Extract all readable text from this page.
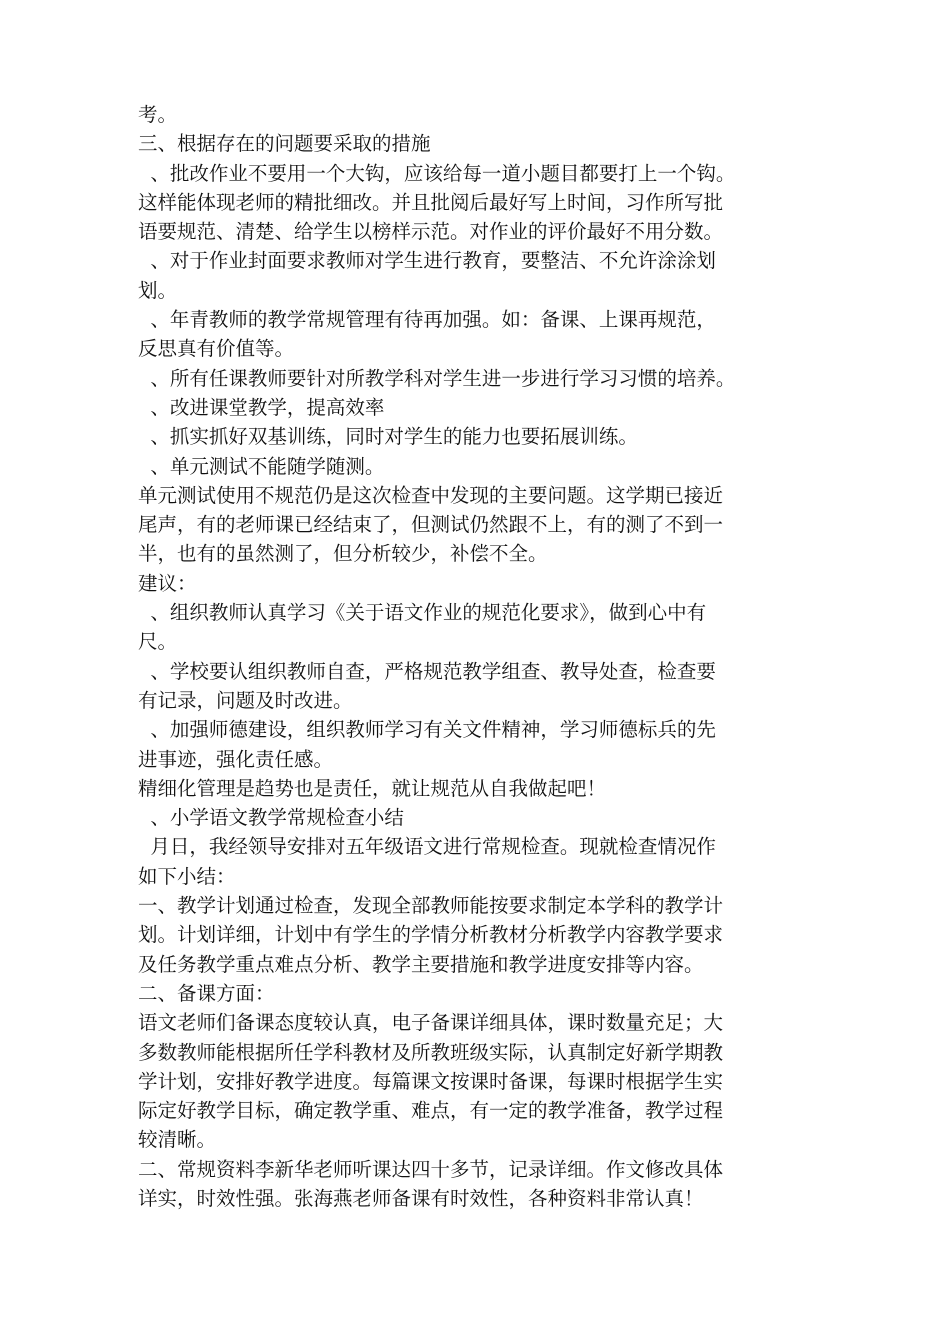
考。
三、根据存在的问题要采取的措施
、批改作业不要用一个大钩，应该给每一道小题目都要打上一个钩。
这样能体现老师的精批细改。并且批阅后最好写上时间，习作所写批
语要规范、清楚、给学生以榜样示范。对作业的评价最好不用分数。
、对于作业封面要求教师对学生进行教育，要整洁、不允许涂涂划
划。
、年青教师的教学常规管理有待再加强。如：备课、上课再规范，
反思真有价值等。
、所有任课教师要针对所教学科对学生进一步进行学习习惯的培养。
、改进课堂教学，提高效率
、抓实抓好双基训练，同时对学生的能力也要拓展训练。
、单元测试不能随学随测。
单元测试使用不规范仍是这次检查中发现的主要问题。这学期已接近
尾声，有的老师课已经结束了，但测试仍然跟不上，有的测了不到一
半，也有的虽然测了，但分析较少，补偿不全。
建议：
、组织教师认真学习《关于语文作业的规范化要求》，做到心中有
尺。
、学校要认组织教师自查，严格规范教学组查、教导处查，检查要
有记录，问题及时改进。
、加强师德建设，组织教师学习有关文件精神，学习师德标兵的先
进事迹，强化责任感。
精细化管理是趋势也是责任，就让规范从自我做起吧！
、小学语文教学常规检查小结
月日，我经领导安排对五年级语文进行常规检查。现就检查情况作
如下小结：
一、教学计划通过检查，发现全部教师能按要求制定本学科的教学计
划。计划详细，计划中有学生的学情分析教材分析教学内容教学要求
及任务教学重点难点分析、教学主要措施和教学进度安排等内容。
二、备课方面：
语文老师们备课态度较认真，电子备课详细具体，课时数量充足；大
多数教师能根据所任学科教材及所教班级实际，认真制定好新学期教
学计划，安排好教学进度。每篇课文按课时备课，每课时根据学生实
际定好教学目标，确定教学重、难点，有一定的教学准备，教学过程
较清晰。
二、常规资料李新华老师听课达四十多节，记录详细。作文修改具体
详实，时效性强。张海燕老师备课有时效性，各种资料非常认真！
